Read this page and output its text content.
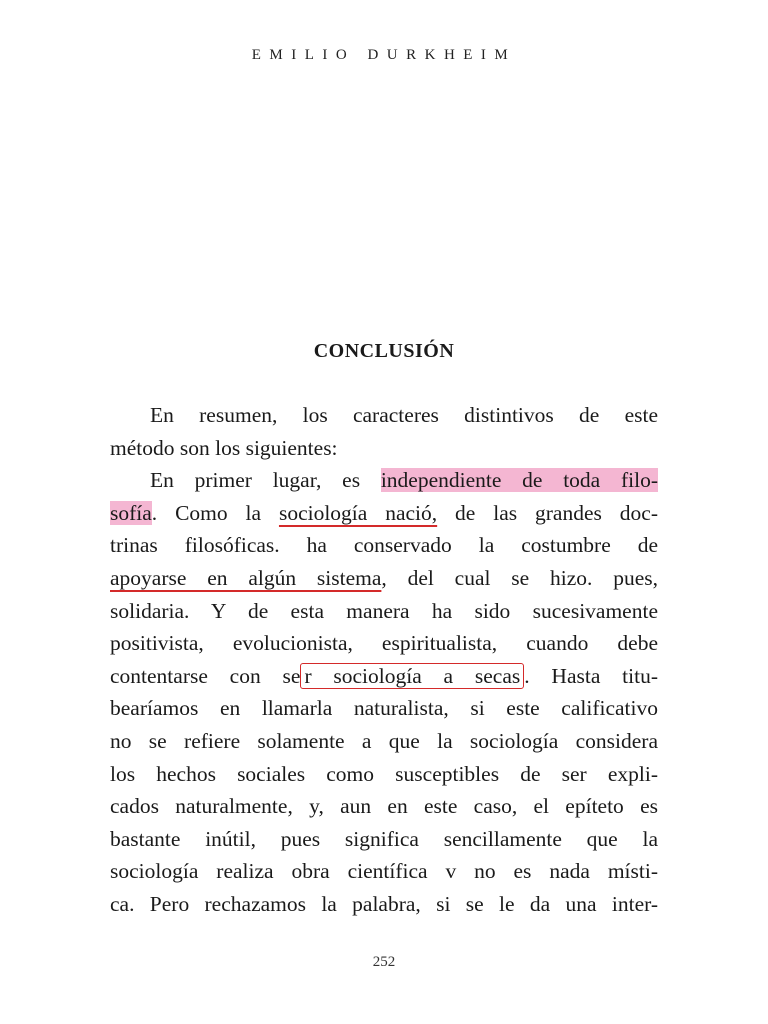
EMILIO DURKHEIM
CONCLUSIÓN
En resumen, los caracteres distintivos de este
método son los siguientes:
En primer lugar, es independiente de toda filo-
sofía. Como la sociología nació, de las grandes doc-
trinas filosóficas. ha conservado la costumbre de
apoyarse en algún sistema, del cual se hizo. pues,
solidaria. Y de esta manera ha sido sucesivamente
positivista, evolucionista, espiritualista, cuando debe
contentarse con se r sociología a secas . Hasta titu-
bearíamos en llamarla naturalista, si este calificativo
no se refiere solamente a que la sociología considera
los hechos sociales como susceptibles de ser expli-
cados naturalmente, y, aun en este caso, el epíteto es
bastante inútil, pues significa sencillamente que la
sociología realiza obra científica v no es nada místi-
ca. Pero rechazamos la palabra, si se le da una inter-
252
